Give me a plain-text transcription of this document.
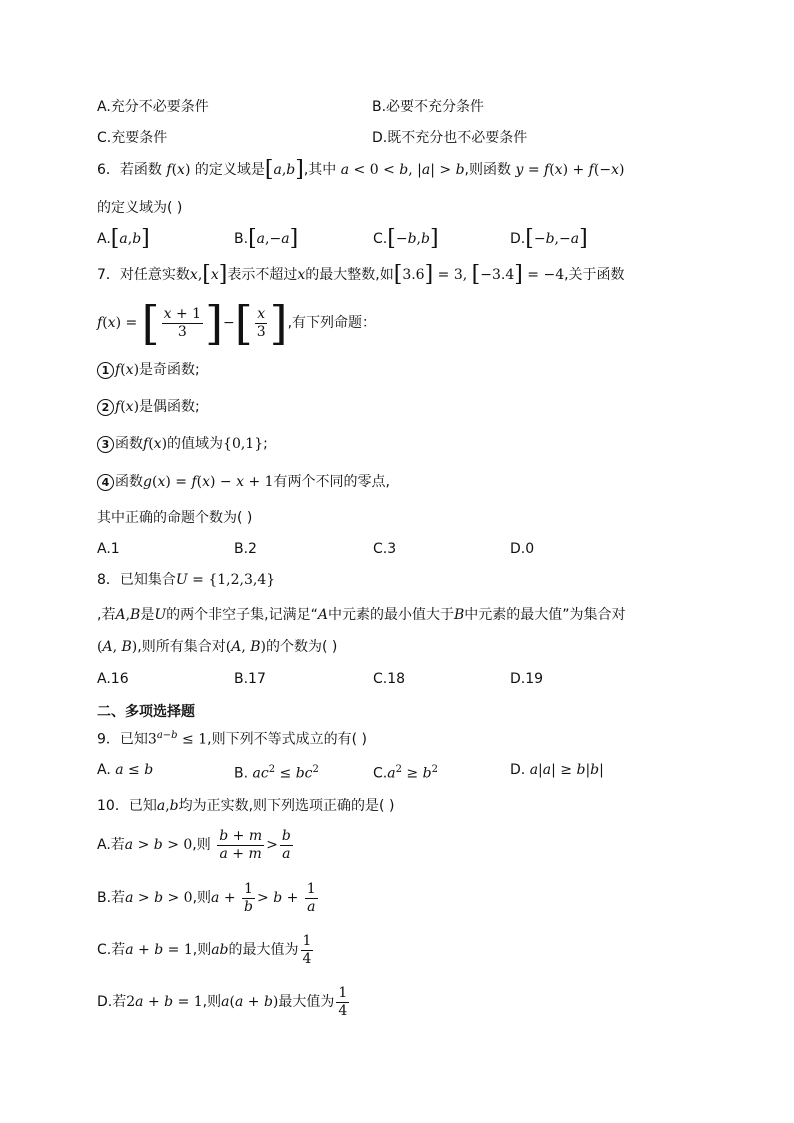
A.充分不必要条件	B.必要不充分条件
C.充要条件	D.既不充分也不必要条件
6．若函数 f(x) 的定义域是[a,b],其中 a < 0 < b, |a| > b,则函数 y = f(x) + f(−x)
的定义域为( )
A.[a,b]	B.[a,−a]	C.[−b,b]	D.[−b,−a]
7．对任意实数x,[x]表示不超过x的最大整数,如[3.6] = 3, [−3.4] = −4,关于函数
f(x) = [ $\frac{x + 1}{3}$ ]−[ $\frac{x}{3}$ ],有下列命题：
1 f(x)是奇函数;
2 f(x)是偶函数;
3 函数f(x)的值域为{0,1};
4 函数g(x) = f(x) − x + 1有两个不同的零点,
其中正确的命题个数为( )
A.1	B.2	C.3	D.0
8．已知集合U = {1,2,3,4}
,若A,B是U的两个非空子集,记满足“A中元素的最小值大于B中元素的最大值”为集合对
(A, B),则所有集合对(A, B)的个数为( )
A.16	B.17	C.18	D.19
二、多项选择题
9．已知$3^{a-b} \le 1$,则下列不等式成立的有( )
A. a ≤ b	B. $ac^2 \le bc^2$	$C.a^2 \ge b^2$	D. a|a| ≥ b|b|
10．已知a,b均为正实数,则下列选项正确的是( )
A.若a > b > 0,则 $\frac{b + m}{a + m} > \frac{b}{a}$
B.若a > b > 0,则$a + \frac{1}{b} > b + \frac{1}{a}$
C.若a + b = 1,则ab的最大值为 $\frac{1}{4}$
D.若2a + b = 1,则a(a + b)最大值为 $\frac{1}{4}$
